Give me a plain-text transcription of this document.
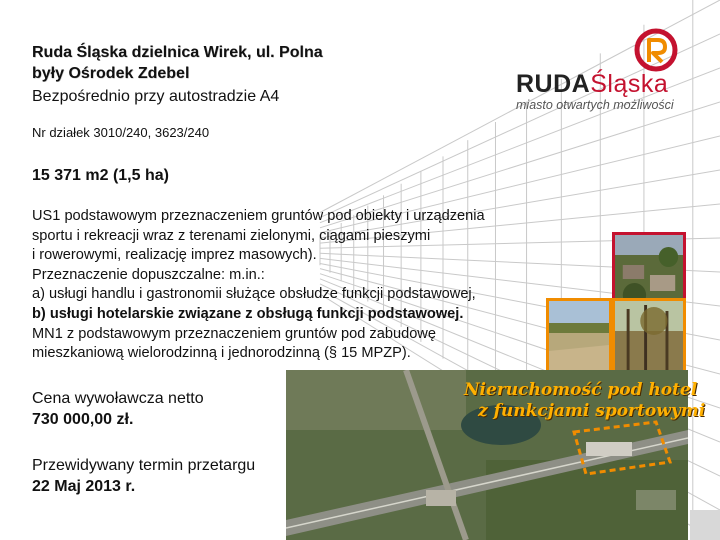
RUDAŚląska
miasto otwartych możliwości
Nieruchomość pod hotel
z funkcjami sportowymi
Ruda Śląska dzielnica Wirek, ul. Polna
były Ośrodek Zdebel
Bezpośrednio przy autostradzie A4
Nr działek 3010/240, 3623/240
15 371 m2 (1,5 ha)
US1 podstawowym przeznaczeniem gruntów pod obiekty i urządzenia
sportu i rekreacji wraz z terenami zielonymi, ciągami pieszymi
i rowerowymi, realizację imprez masowych).
Przeznaczenie dopuszczalne: m.in.:
a) usługi handlu i gastronomii służące obsłudze funkcji podstawowej,
b) usługi hotelarskie związane z obsługą funkcji podstawowej.
MN1 z podstawowym przeznaczeniem gruntów pod zabudowę
mieszkaniową wielorodzinną i jednorodzinną (§ 15 MPZP).
Cena wywoławcza netto
730 000,00 zł.
Przewidywany termin przetargu
22 Maj 2013 r.
